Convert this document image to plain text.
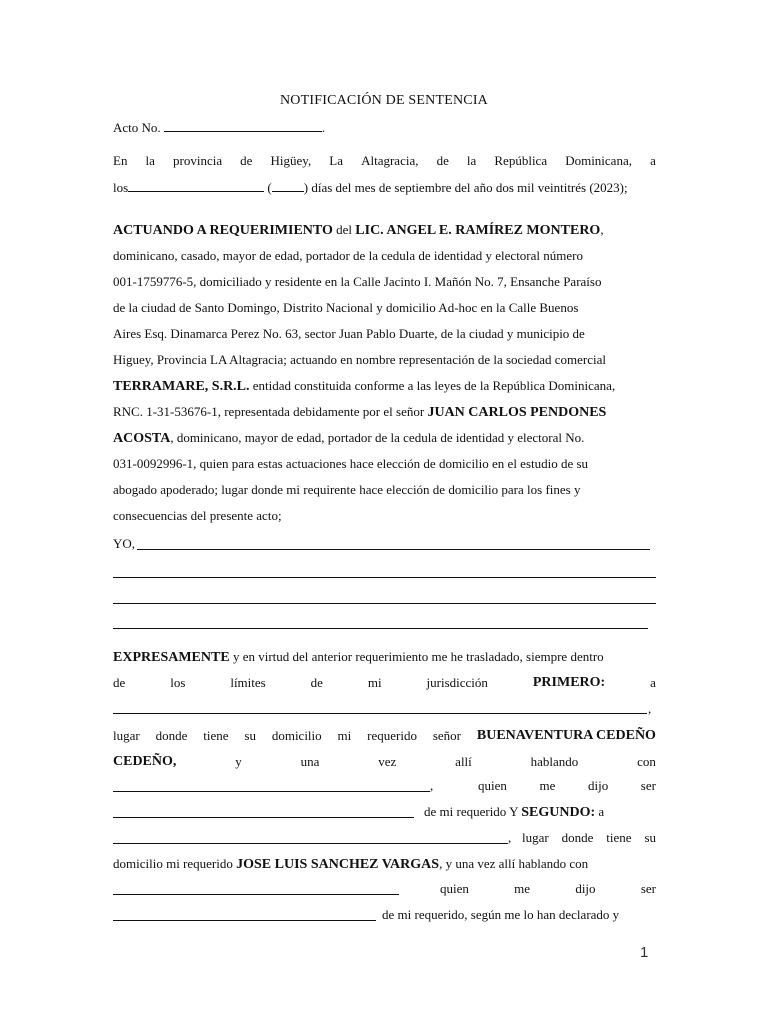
NOTIFICACIÓN DE SENTENCIA
Acto No.	.
En la provincia de Higüey, La Altagracia, de la República Dominicana, a
los	( ) días del mes de septiembre del año dos mil veintitrés (2023);
ACTUANDO A REQUERIMIENTO del LIC. ANGEL E. RAMÍREZ MONTERO,
dominicano, casado, mayor de edad, portador de la cedula de identidad y electoral número
001-1759776-5, domiciliado y residente en la Calle Jacinto I. Mañón No. 7, Ensanche Paraíso
de la ciudad de Santo Domingo, Distrito Nacional y domicilio Ad-hoc en la Calle Buenos
Aires Esq. Dinamarca Perez No. 63, sector Juan Pablo Duarte, de la ciudad y municipio de
Higuey, Provincia LA Altagracia; actuando en nombre representación de la sociedad comercial
TERRAMARE, S.R.L. entidad constituida conforme a las leyes de la República Dominicana,
RNC. 1-31-53676-1, representada debidamente por el señor JUAN CARLOS PENDONES
ACOSTA, dominicano, mayor de edad, portador de la cedula de identidad y electoral No.
031-0092996-1, quien para estas actuaciones hace elección de domicilio en el estudio de su
abogado apoderado; lugar donde mi requirente hace elección de domicilio para los fines y
consecuencias del presente acto;
YO,
EXPRESAMENTE y en virtud del anterior requerimiento me he trasladado, siempre dentro
de	los	límites	de	mi	jurisdicción	PRIMERO:	a
,
lugar donde tiene su domicilio mi requerido señor BUENAVENTURA CEDEÑO
CEDEÑO,	y	una	vez	allí	hablando	con
,	quien	me	dijo	ser
de mi requerido Y SEGUNDO: a
, lugar donde tiene su
domicilio mi requerido JOSE LUIS SANCHEZ VARGAS, y una vez allí hablando con
quien	me	dijo	ser
de mi requerido, según me lo han declarado y
1
